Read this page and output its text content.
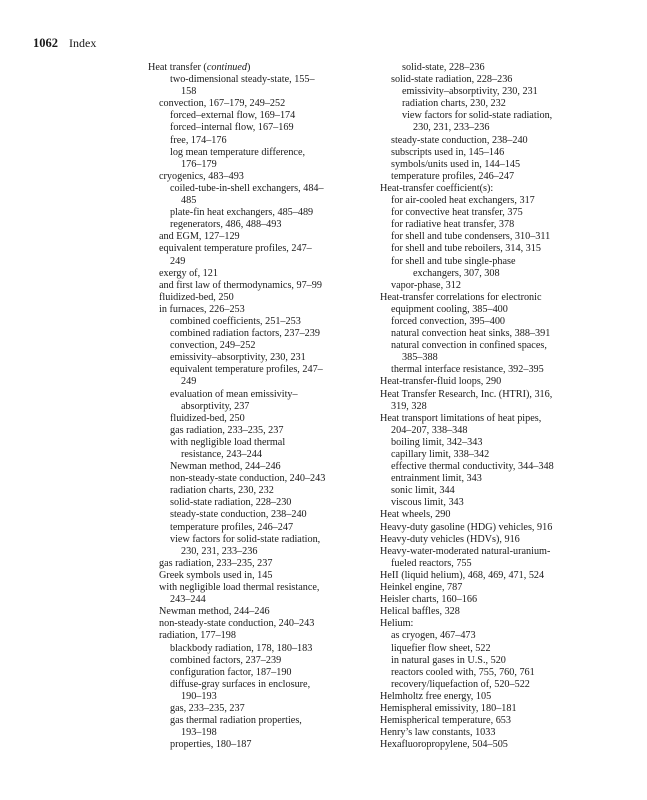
1062 Index
Heat transfer (continued)
two-dimensional steady-state, 155–
158
convection, 167–179, 249–252
forced–external flow, 169–174
forced–internal flow, 167–169
free, 174–176
log mean temperature difference,
176–179
cryogenics, 483–493
coiled-tube-in-shell exchangers, 484–
485
plate-fin heat exchangers, 485–489
regenerators, 486, 488–493
and EGM, 127–129
equivalent temperature profiles, 247–
249
exergy of, 121
and first law of thermodynamics, 97–99
fluidized-bed, 250
in furnaces, 226–253
combined coefficients, 251–253
combined radiation factors, 237–239
convection, 249–252
emissivity–absorptivity, 230, 231
equivalent temperature profiles, 247–
249
evaluation of mean emissivity–
absorptivity, 237
fluidized-bed, 250
gas radiation, 233–235, 237
with negligible load thermal
resistance, 243–244
Newman method, 244–246
non-steady-state conduction, 240–243
radiation charts, 230, 232
solid-state radiation, 228–230
steady-state conduction, 238–240
temperature profiles, 246–247
view factors for solid-state radiation,
230, 231, 233–236
gas radiation, 233–235, 237
Greek symbols used in, 145
with negligible load thermal resistance,
243–244
Newman method, 244–246
non-steady-state conduction, 240–243
radiation, 177–198
blackbody radiation, 178, 180–183
combined factors, 237–239
configuration factor, 187–190
diffuse-gray surfaces in enclosure,
190–193
gas, 233–235, 237
gas thermal radiation properties,
193–198
properties, 180–187
solid-state, 228–236
solid-state radiation, 228–236
emissivity–absorptivity, 230, 231
radiation charts, 230, 232
view factors for solid-state radiation,
230, 231, 233–236
steady-state conduction, 238–240
subscripts used in, 145–146
symbols/units used in, 144–145
temperature profiles, 246–247
Heat-transfer coefficient(s):
for air-cooled heat exchangers, 317
for convective heat transfer, 375
for radiative heat transfer, 378
for shell and tube condensers, 310–311
for shell and tube reboilers, 314, 315
for shell and tube single-phase
exchangers, 307, 308
vapor-phase, 312
Heat-transfer correlations for electronic
equipment cooling, 385–400
forced convection, 395–400
natural convection heat sinks, 388–391
natural convection in confined spaces,
385–388
thermal interface resistance, 392–395
Heat-transfer-fluid loops, 290
Heat Transfer Research, Inc. (HTRI), 316,
319, 328
Heat transport limitations of heat pipes,
204–207, 338–348
boiling limit, 342–343
capillary limit, 338–342
effective thermal conductivity, 344–348
entrainment limit, 343
sonic limit, 344
viscous limit, 343
Heat wheels, 290
Heavy-duty gasoline (HDG) vehicles, 916
Heavy-duty vehicles (HDVs), 916
Heavy-water-moderated natural-uranium-
fueled reactors, 755
HeII (liquid helium), 468, 469, 471, 524
Heinkel engine, 787
Heisler charts, 160–166
Helical baffles, 328
Helium:
as cryogen, 467–473
liquefier flow sheet, 522
in natural gases in U.S., 520
reactors cooled with, 755, 760, 761
recovery/liquefaction of, 520–522
Helmholtz free energy, 105
Hemispheral emissivity, 180–181
Hemispherical temperature, 653
Henry’s law constants, 1033
Hexafluoropropylene, 504–505
